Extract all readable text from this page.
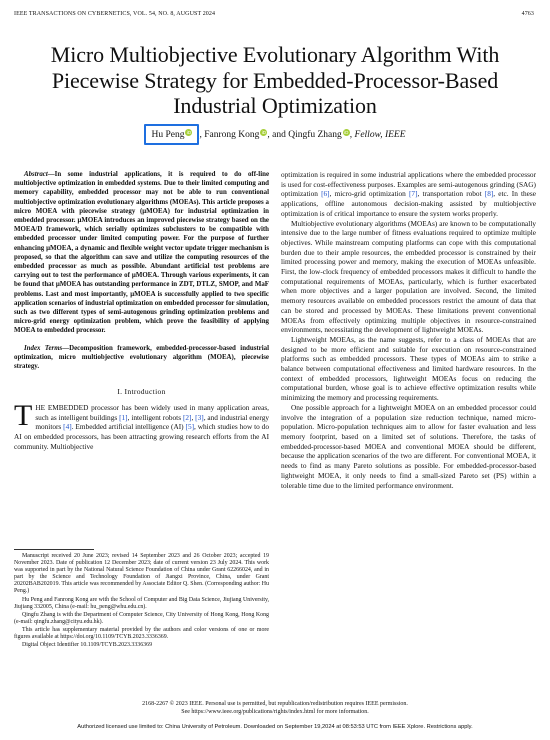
IEEE TRANSACTIONS ON CYBERNETICS, VOL. 54, NO. 8, AUGUST 2024	4763
Micro Multiobjective Evolutionary Algorithm With Piecewise Strategy for Embedded-Processor-Based Industrial Optimization
Hu Peng iD , Fanrong Kong iD, and Qingfu Zhang iD, Fellow, IEEE

Abstract—In some industrial applications, it is required to do off-line multiobjective optimization in embedded systems. Due to their limited computing and memory capability, embedded processor may not be able to run conventional multiobjective optimization evolutionary algorithms (MOEAs). This article proposes a micro MOEA with piecewise strategy (μMOEA) for industrial optimization in embedded processor. μMOEA introduces an improved piecewise strategy based on the MOEA/D framework, which serially optimizes subclusters to be compatible with embedded processor under limited computing power. For the purpose of further enhancing μMOEA, a dynamic and flexible weight vector update trigger mechanism is proposed, so that the algorithm can save and utilize the computing resources of the embedded processor as much as possible. Abundant artificial test problems are carrying out to test the performance of μMOEA. Through various experiments, it can be found that μMOEA has outstanding performance in ZDT, DTLZ, SMOP, and MaF problems. Last and most importantly, μMOEA is successfully applied to two specific application scenarios of industrial optimization on embedded processor for simulation, such as two different types of semi-autogenous grinding optimization problems and micro-grid energy optimization problem, which prove the feasibility of applying MOEA to embedded processor.

Index Terms—Decomposition framework, embedded-processor-based industrial optimization, micro multiobjective evolutionary algorithm (MOEA), piecewise strategy.

I. Introduction

THE EMBEDDED processor has been widely used in many application areas, such as intelligent buildings [1], intelligent robots [2], [3], and industrial energy monitors [4]. Embedded artificial intelligence (AI) [5], which studies how to do AI on embedded processors, has been attracting growing research efforts from the AI community. Multiobjective

Manuscript received 20 June 2023; revised 14 September 2023 and 26 October 2023; accepted 19 November 2023. Date of publication 12 December 2023; date of current version 23 July 2024. This work was supported in part by the National Natural Science Foundation of China under Grant 62266024, and in part by the Science and Technology Foundation of Jiangxi Province, China, under Grant 20202BAB202019. This article was recommended by Associate Editor Q. Shen. (Corresponding author: Hu Peng.)

Hu Peng and Fanrong Kong are with the School of Computer and Big Data Science, Jiujiang University, Jiujiang 332005, China (e-mail: hu_peng@whu.edu.cn).

Qingfu Zhang is with the Department of Computer Science, City University of Hong Kong, Hong Kong (e-mail: qingfu.zhang@cityu.edu.hk).

This article has supplementary material provided by the authors and color versions of one or more figures available at https://doi.org/10.1109/TCYB.2023.3336369.

Digital Object Identifier 10.1109/TCYB.2023.3336369

optimization is required in some industrial applications where the embedded processor is used for cost-effectiveness purposes. Examples are semi-autogenous grinding (SAG) optimization [6], micro-grid optimization [7], transportation robot [8], etc. In these applications, offline autonomous decision-making assisted by multiobjective optimization is of critical importance to ensure the system works properly.

Multiobjective evolutionary algorithms (MOEAs) are known to be computationally intensive due to the large number of fitness evaluations required to optimize multiple objectives. While mainstream computing platforms can cope with this computational burden due to their ample resources, the embedded processor is constrained by their limited processing power and memory, making the execution of MOEAs unfeasible. First, the low-clock frequency of embedded processors makes it difficult to handle the computational requirements of MOEAs, particularly, which is further exacerbated when more objectives and a larger population are involved. Second, the limited memory resources available on embedded processors restrict the amount of data that can be stored and processed by MOEAs. These limitations prevent conventional MOEAs from effectively optimizing multiple objectives in resource-constrained environments, necessitating the development of lightweight MOEAs.

Lightweight MOEAs, as the name suggests, refer to a class of MOEAs that are designed to be more efficient and suitable for execution on resource-constrained platforms such as embedded processors. These types of MOEAs aim to strike a balance between computational effectiveness and limited hardware resources. In the context of embedded processors, lightweight MOEAs focus on reducing the computational burden, whose goal is to achieve effective optimization results while minimizing the memory and processing requirements.

One possible approach for a lightweight MOEA on an embedded processor could involve the integration of a population size reduction technique, named micro-population. Micro-population techniques aim to allow for faster evaluation and less memory footprint, based on a limited set of solutions. Therefore, the tasks of embedded-processor-based MOEA and conventional MOEA should be different, because the application scenarios of the two are different. For conventional MOEA, it needs to find as many Pareto solutions as possible. For embedded-processor-based lightweight MOEA, it only needs to find a small-sized Pareto set (PS) within a tolerable time due to the limited performance environment.

2168-2267 © 2023 IEEE. Personal use is permitted, but republication/redistribution requires IEEE permission.
See https://www.ieee.org/publications/rights/index.html for more information.
Authorized licensed use limited to: China University of Petroleum. Downloaded on September 19,2024 at 08:53:53 UTC from IEEE Xplore. Restrictions apply.
